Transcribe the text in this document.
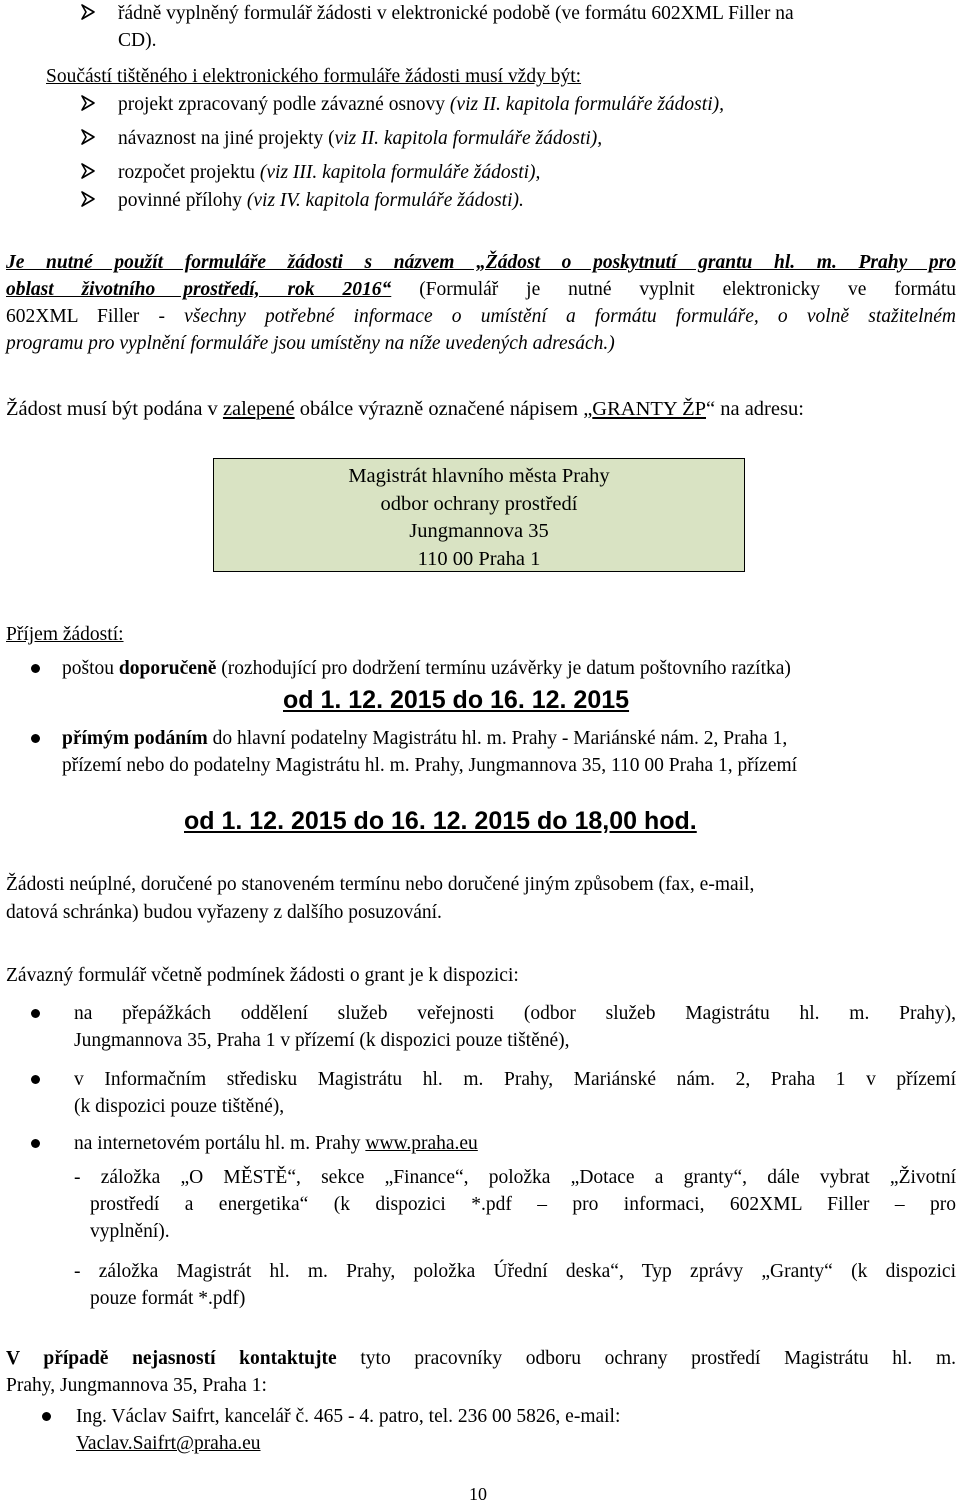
řádně vyplněný formulář žádosti v elektronické podobě (ve formátu 602XML Filler na

CD).

Součástí tištěného i elektronického formuláře žádosti musí vždy být:

projekt zpracovaný podle závazné osnovy (viz II. kapitola formuláře žádosti),
návaznost na jiné projekty (viz II. kapitola formuláře žádosti),
rozpočet projektu (viz III. kapitola formuláře žádosti),
povinné přílohy (viz IV. kapitola formuláře žádosti).
Je nutné použít formuláře žádosti s názvem „Žádost o poskytnutí grantu hl. m. Prahy pro
oblast životního prostředí, rok 2016“ (Formulář je nutné vyplnit elektronicky ve formátu
602XML Filler - všechny potřebné informace o umístění a formátu formuláře, o volně stažitelném
programu pro vyplnění formuláře jsou umístěny na níže uvedených adresách.)

Žádost musí být podána v zalepené obálce výrazně označené nápisem „GRANTY ŽP“ na adresu:

Magistrát hlavního města Prahy
odbor ochrany prostředí
Jungmannova 35
110 00 Praha 1

Příjem žádostí:

poštou doporučeně (rozhodující pro dodržení termínu uzávěrky je datum poštovního razítka)

od 1. 12. 2015 do 16. 12. 2015

přímým podáním do hlavní podatelny Magistrátu hl. m. Prahy - Mariánské nám. 2, Praha 1,

přízemí nebo do podatelny Magistrátu hl. m. Prahy, Jungmannova 35, 110 00 Praha 1, přízemí

od 1. 12. 2015 do 16. 12. 2015 do 18,00 hod.

Žádosti neúplné, doručené po stanoveném termínu nebo doručené jiným způsobem (fax, e-mail,

datová schránka) budou vyřazeny z dalšího posuzování.

Závazný formulář včetně podmínek žádosti o grant je k dispozici:

na přepážkách oddělení služeb veřejnosti (odbor služeb Magistrátu hl. m. Prahy),
Jungmannova 35, Praha 1 v přízemí (k dispozici pouze tištěné),
v Informačním středisku Magistrátu hl. m. Prahy, Mariánské nám. 2, Praha 1 v přízemí
(k dispozici pouze tištěné),

na internetovém portálu hl. m. Prahy www.praha.eu

- záložka „O MĚSTĚ“, sekce „Finance“, položka „Dotace a granty“, dále vybrat „Životní
prostředí a energetika“ (k dispozici *.pdf – pro informaci, 602XML Filler – pro
vyplnění).
- záložka Magistrát hl. m. Prahy, položka Úřední deska“, Typ zprávy „Granty“ (k dispozici
pouze formát *.pdf)
V případě nejasností kontaktujte tyto pracovníky odboru ochrany prostředí Magistrátu hl. m.
Prahy, Jungmannova 35, Praha 1:

Ing. Václav Saifrt, kancelář č. 465 - 4. patro, tel. 236 00 5826, e-mail:

Vaclav.Saifrt@praha.eu

10
